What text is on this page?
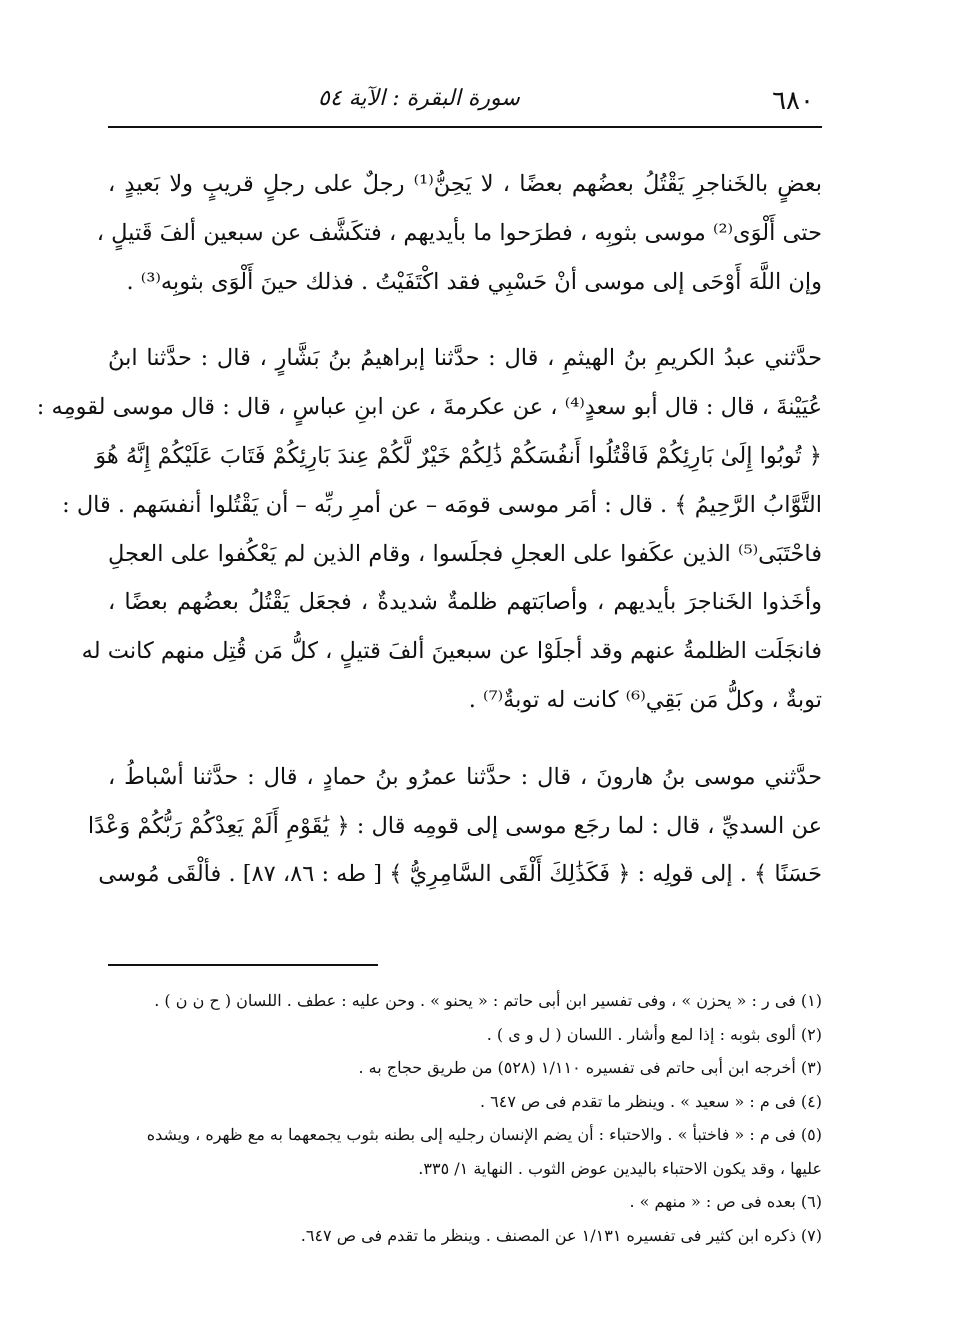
٦٨٠
سورة البقرة : الآية ٥٤
بعضٍ بالخَناجرِ يَقْتُلُ بعضُهم بعضًا ، لا يَحِنُّ⁽¹⁾ رجلٌ على رجلٍ قريبٍ ولا بَعيدٍ ،
حتى أَلْوَى⁽²⁾ موسى بثوبِه ، فطرَحوا ما بأيديهم ، فتكَشَّف عن سبعين ألفَ قَتيلٍ ،
وإن اللَّهَ أَوْحَى إلى موسى أنْ حَسْبِي فقد اكْتَفَيْتُ . فذلك حينَ أَلْوَى بثوبِه⁽³⁾ .
حدَّثني عبدُ الكريمِ بنُ الهيثمِ ، قال : حدَّثنا إبراهيمُ بنُ بَشَّارٍ ، قال : حدَّثنا ابنُ
عُيَيْنةَ ، قال : قال أبو سعدٍ⁽⁴⁾ ، عن عكرمةَ ، عن ابنِ عباسٍ ، قال : قال موسى لقومِه :
﴿ تُوبُوا إِلَىٰ بَارِئِكُمْ فَاقْتُلُوا أَنفُسَكُمْ ذَٰلِكُمْ خَيْرٌ لَّكُمْ عِندَ بَارِئِكُمْ فَتَابَ عَلَيْكُمْ إِنَّهُ هُوَ
التَّوَّابُ الرَّحِيمُ ﴾ . قال : أمَر موسى قومَه – عن أمرِ ربِّه – أن يَقْتُلوا أنفسَهم . قال :
فاحْتَبَى⁽⁵⁾ الذين عكَفوا على العجلِ فجلَسوا ، وقام الذين لم يَعْكُفوا على العجلِ
وأخَذوا الخَناجرَ بأيديهم ، وأصابَتهم ظلمةٌ شديدةٌ ، فجعَل يَقْتُلُ بعضُهم بعضًا ،
فانجَلَت الظلمةُ عنهم وقد أجلَوْا عن سبعينَ ألفَ قتيلٍ ، كلُّ مَن قُتِل منهم كانت له
توبةٌ ، وكلُّ مَن بَقِي⁽⁶⁾ كانت له توبةٌ⁽⁷⁾ .
حدَّثني موسى بنُ هارونَ ، قال : حدَّثنا عمرُو بنُ حمادٍ ، قال : حدَّثنا أسْباطُ ،
عن السديِّ ، قال : لما رجَع موسى إلى قومِه قال : ﴿ يَٰقَوْمِ أَلَمْ يَعِدْكُمْ رَبُّكُمْ وَعْدًا
حَسَنًا ﴾ . إلى قولِه : ﴿ فَكَذَٰلِكَ أَلْقَى السَّامِرِيُّ ﴾ [ طه : ٨٦، ٨٧] . فألْقَى مُوسى
(١) فى ر : « يحزن » ، وفى تفسير ابن أبى حاتم : « يحنو » . وحن عليه : عطف . اللسان ( ح ن ن ) .
(٢) ألوى بثوبه : إذا لمع وأشار . اللسان ( ل و ى ) .
(٣) أخرجه ابن أبى حاتم فى تفسيره ١/١١٠ (٥٢٨) من طريق حجاج به .
(٤) فى م : « سعيد » . وينظر ما تقدم فى ص ٦٤٧ .
(٥) فى م : « فاختبأ » . والاحتباء : أن يضم الإنسان رجليه إلى بطنه بثوب يجمعهما به مع ظهره ، ويشده
عليها ، وقد يكون الاحتباء باليدين عوض الثوب . النهاية ١/ ٣٣٥.
(٦) بعده فى ص : « منهم » .
(٧) ذكره ابن كثير فى تفسيره ١/١٣١ عن المصنف . وينظر ما تقدم فى ص ٦٤٧.
